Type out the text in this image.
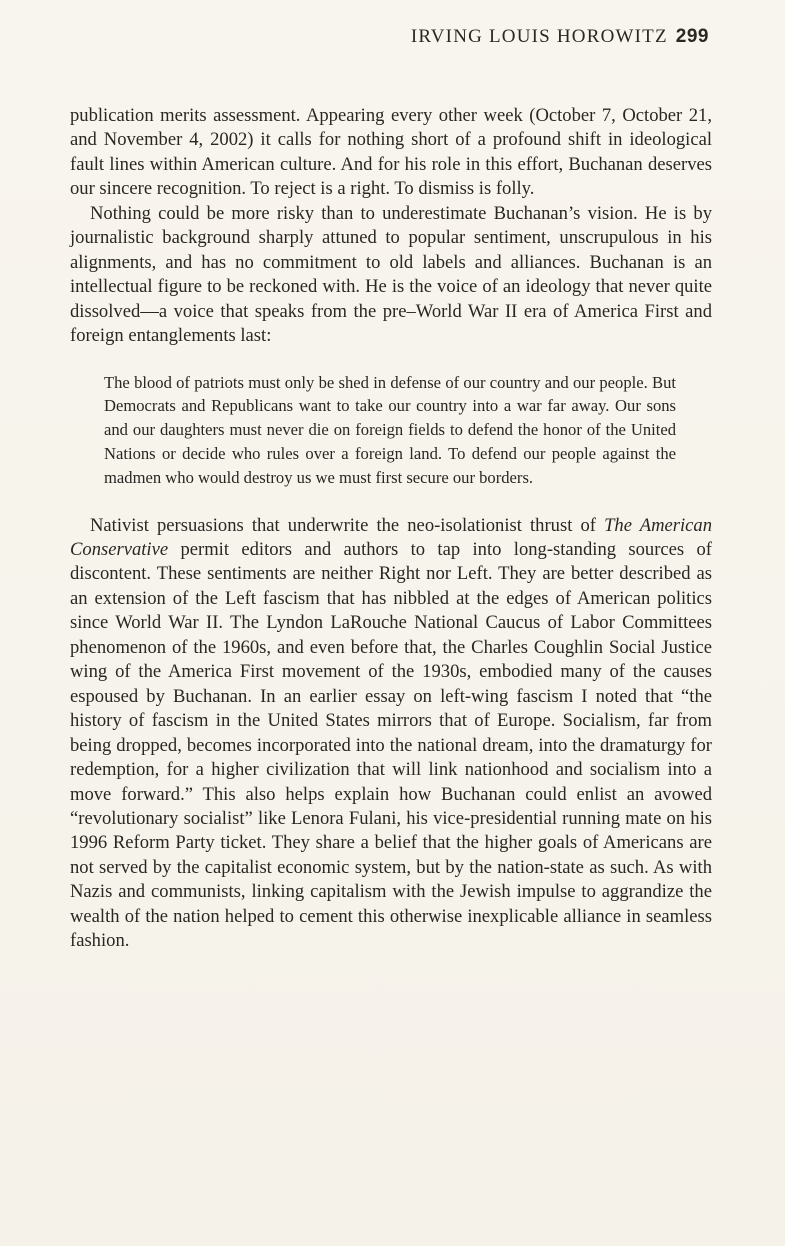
IRVING LOUIS HOROWITZ 299

publication merits assessment. Appearing every other week (October 7, October 21, and November 4, 2002) it calls for nothing short of a profound shift in ideological fault lines within American culture. And for his role in this effort, Buchanan deserves our sincere recognition. To reject is a right. To dismiss is folly.

Nothing could be more risky than to underestimate Buchanan’s vision. He is by journalistic background sharply attuned to popular sentiment, unscrupulous in his alignments, and has no commitment to old labels and alliances. Buchanan is an intellectual figure to be reckoned with. He is the voice of an ideology that never quite dissolved—a voice that speaks from the pre–World War II era of America First and foreign entanglements last:

The blood of patriots must only be shed in defense of our country and our people. But Democrats and Republicans want to take our country into a war far away. Our sons and our daughters must never die on foreign fields to defend the honor of the United Nations or decide who rules over a foreign land. To defend our people against the madmen who would destroy us we must first secure our borders.

Nativist persuasions that underwrite the neo-isolationist thrust of The American Conservative permit editors and authors to tap into long-standing sources of discontent. These sentiments are neither Right nor Left. They are better described as an extension of the Left fascism that has nibbled at the edges of American politics since World War II. The Lyndon LaRouche National Caucus of Labor Committees phenomenon of the 1960s, and even before that, the Charles Coughlin Social Justice wing of the America First movement of the 1930s, embodied many of the causes espoused by Buchanan. In an earlier essay on left-wing fascism I noted that “the history of fascism in the United States mirrors that of Europe. Socialism, far from being dropped, becomes incorporated into the national dream, into the dramaturgy for redemption, for a higher civilization that will link nationhood and socialism into a move forward.” This also helps explain how Buchanan could enlist an avowed “revolutionary socialist” like Lenora Fulani, his vice-presidential running mate on his 1996 Reform Party ticket. They share a belief that the higher goals of Americans are not served by the capitalist economic system, but by the nation-state as such. As with Nazis and communists, linking capitalism with the Jewish impulse to aggrandize the wealth of the nation helped to cement this otherwise inexplicable alliance in seamless fashion.
